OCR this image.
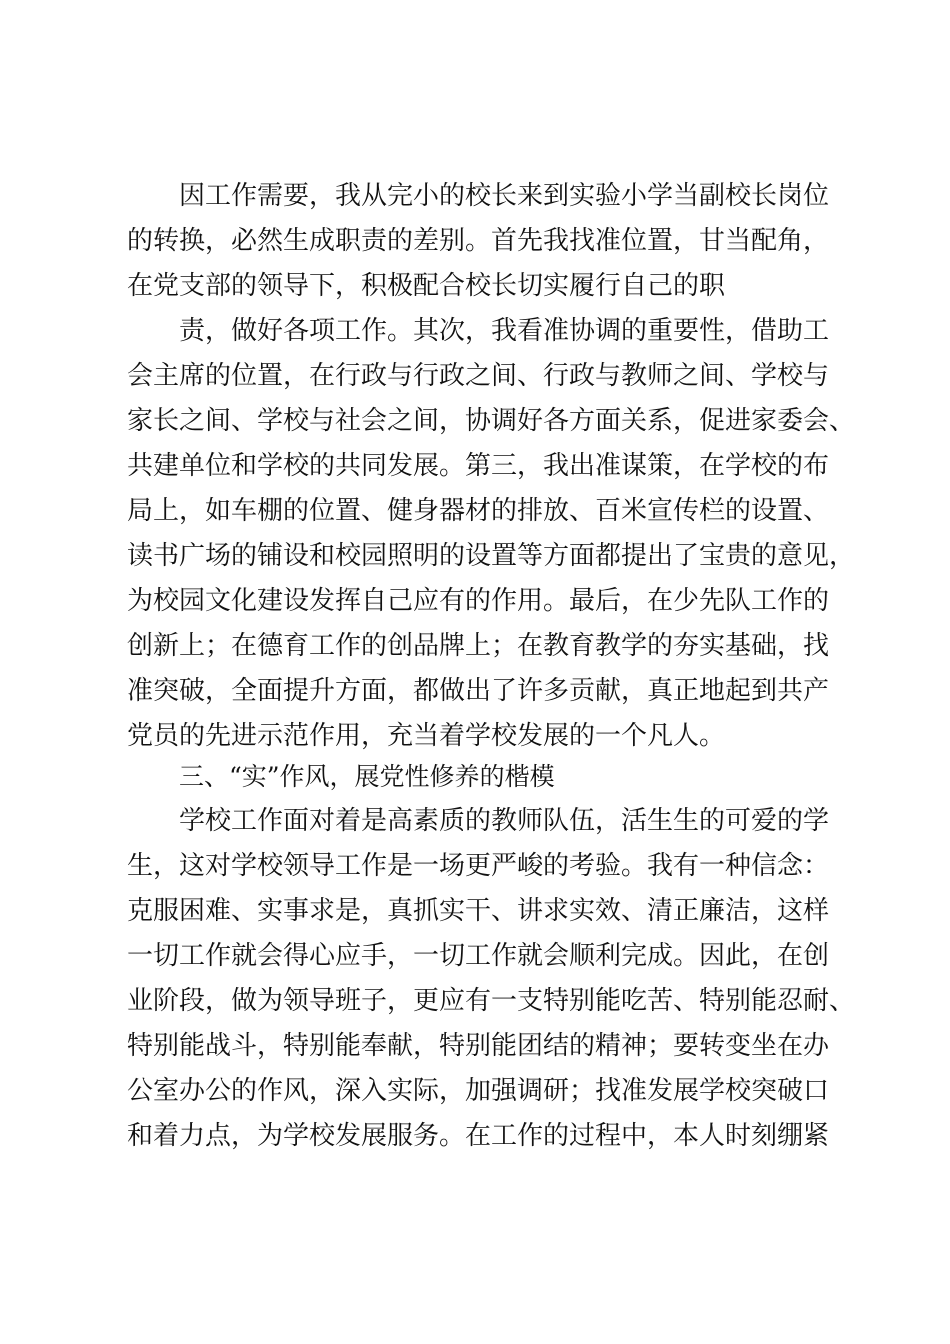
因工作需要，我从完小的校长来到实验小学当副校长岗位
的转换，必然生成职责的差别。首先我找准位置，甘当配角，
在党支部的领导下，积极配合校长切实履行自己的职
责，做好各项工作。其次，我看准协调的重要性，借助工
会主席的位置，在行政与行政之间、行政与教师之间、学校与
家长之间、学校与社会之间，协调好各方面关系，促进家委会、
共建单位和学校的共同发展。第三，我出准谋策，在学校的布
局上，如车棚的位置、健身器材的排放、百米宣传栏的设置、
读书广场的铺设和校园照明的设置等方面都提出了宝贵的意见，
为校园文化建设发挥自己应有的作用。最后，在少先队工作的
创新上；在德育工作的创品牌上；在教育教学的夯实基础，找
准突破，全面提升方面，都做出了许多贡献，真正地起到共产
党员的先进示范作用，充当着学校发展的一个凡人。
三、“实”作风，展党性修养的楷模
学校工作面对着是高素质的教师队伍，活生生的可爱的学
生，这对学校领导工作是一场更严峻的考验。我有一种信念：
克服困难、实事求是，真抓实干、讲求实效、清正廉洁，这样
一切工作就会得心应手，一切工作就会顺利完成。因此，在创
业阶段，做为领导班子，更应有一支特别能吃苦、特别能忍耐、
特别能战斗，特别能奉献，特别能团结的精神；要转变坐在办
公室办公的作风，深入实际，加强调研；找准发展学校突破口
和着力点，为学校发展服务。在工作的过程中，本人时刻绷紧
